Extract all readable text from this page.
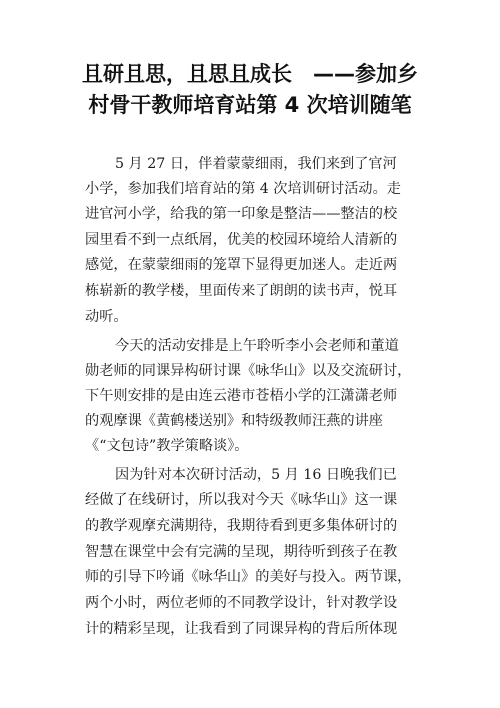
且研且思，且思且成长　——参加乡
村骨干教师培育站第 4 次培训随笔
5 月 27 日，伴着蒙蒙细雨，我们来到了官河
小学，参加我们培育站的第 4 次培训研讨活动。走
进官河小学，给我的第一印象是整洁——整洁的校
园里看不到一点纸屑，优美的校园环境给人清新的
感觉，在蒙蒙细雨的笼罩下显得更加迷人。走近两
栋崭新的教学楼，里面传来了朗朗的读书声，悦耳
动听。
今天的活动安排是上午聆听李小会老师和董道
勋老师的同课异构研讨课《咏华山》以及交流研讨，
下午则安排的是由连云港市苍梧小学的江潇潇老师
的观摩课《黄鹤楼送别》和特级教师汪燕的讲座
《“文包诗”教学策略谈》。
因为针对本次研讨活动，5 月 16 日晚我们已
经做了在线研讨，所以我对今天《咏华山》这一课
的教学观摩充满期待，我期待看到更多集体研讨的
智慧在课堂中会有完满的呈现，期待听到孩子在教
师的引导下吟诵《咏华山》的美好与投入。两节课，
两个小时，两位老师的不同教学设计，针对教学设
计的精彩呈现，让我看到了同课异构的背后所体现
